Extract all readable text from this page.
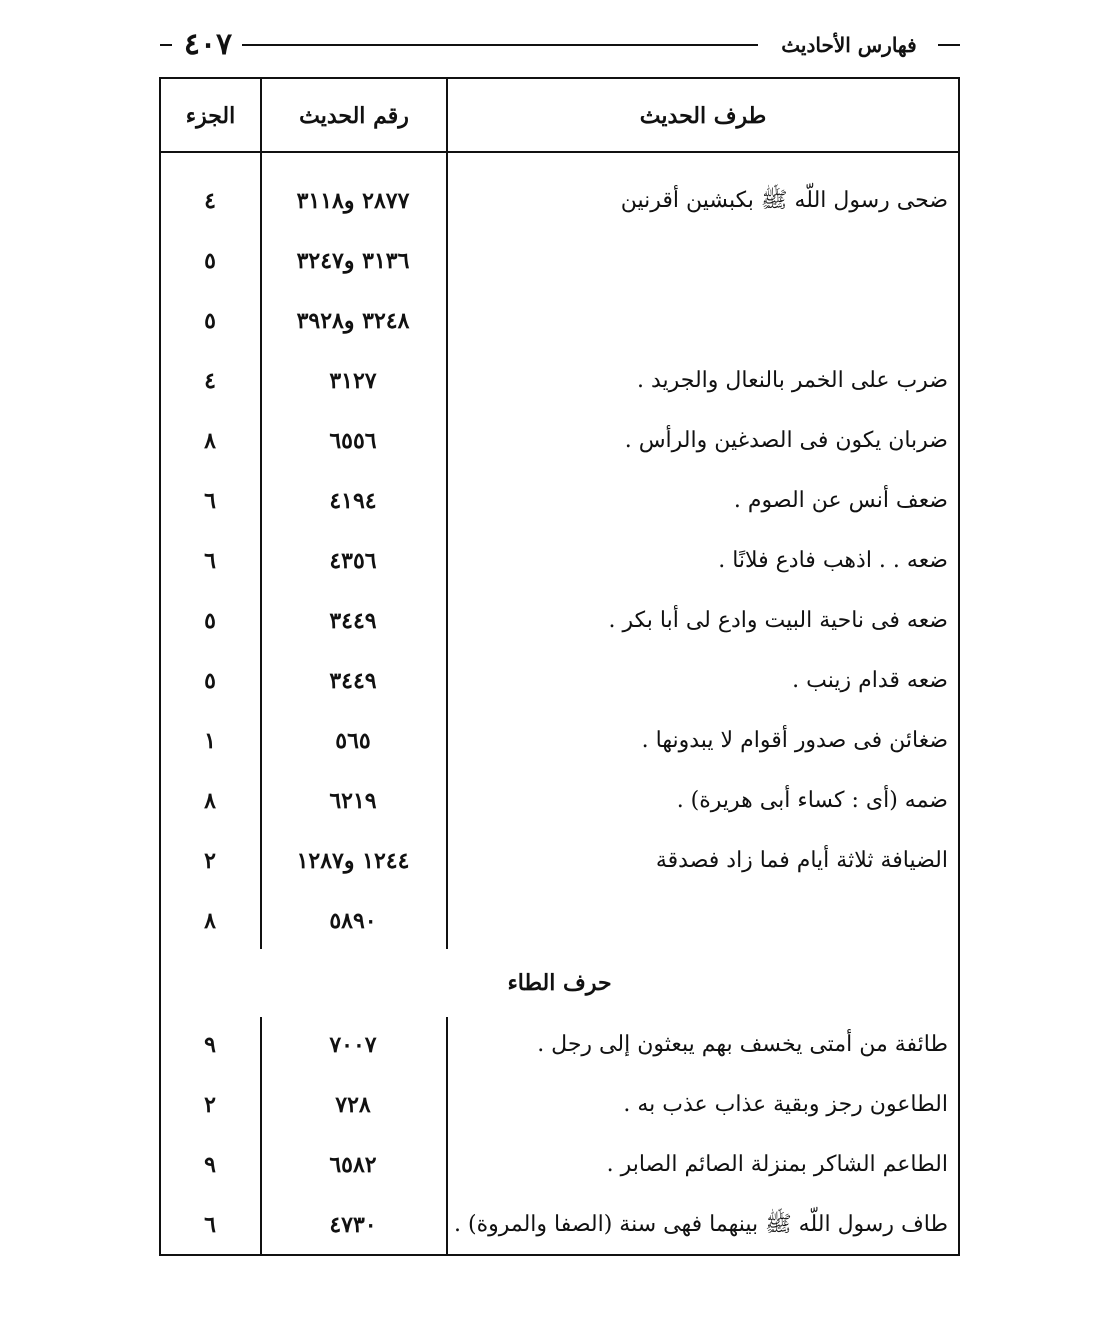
٤٠٧	فهارس الأحاديث
طرف الحديث
رقم الحديث
الجزء
ضحى رسول اللّه ﷺ بكبشين أقرنين
٢٨٧٧ و٣١١٨
٤
٣١٣٦ و٣٢٤٧
٥
٣٢٤٨ و٣٩٢٨
٥
ضرب على الخمر بالنعال والجريد .
٣١٢٧
٤
ضربان يكون فى الصدغين والرأس .
٦٥٥٦
٨
ضعف أنس عن الصوم .
٤١٩٤
٦
ضعه . . اذهب فادع فلانًا .
٤٣٥٦
٦
ضعه فى ناحية البيت وادع لى أبا بكر .
٣٤٤٩
٥
ضعه قدام زينب .
٣٤٤٩
٥
ضغائن فى صدور أقوام لا يبدونها .
٥٦٥
١
ضمه (أى : كساء أبى هريرة) .
٦٢١٩
٨
الضيافة ثلاثة أيام فما زاد فصدقة
١٢٤٤ و١٢٨٧
٢
٥٨٩٠
٨
حرف الطاء
طائفة من أمتى يخسف بهم يبعثون إلى رجل .
٧٠٠٧
٩
الطاعون رجز وبقية عذاب عذب به .
٧٢٨
٢
الطاعم الشاكر بمنزلة الصائم الصابر .
٦٥٨٢
٩
طاف رسول اللّه ﷺ بينهما فهى سنة (الصفا والمروة) .
٤٧٣٠
٦
